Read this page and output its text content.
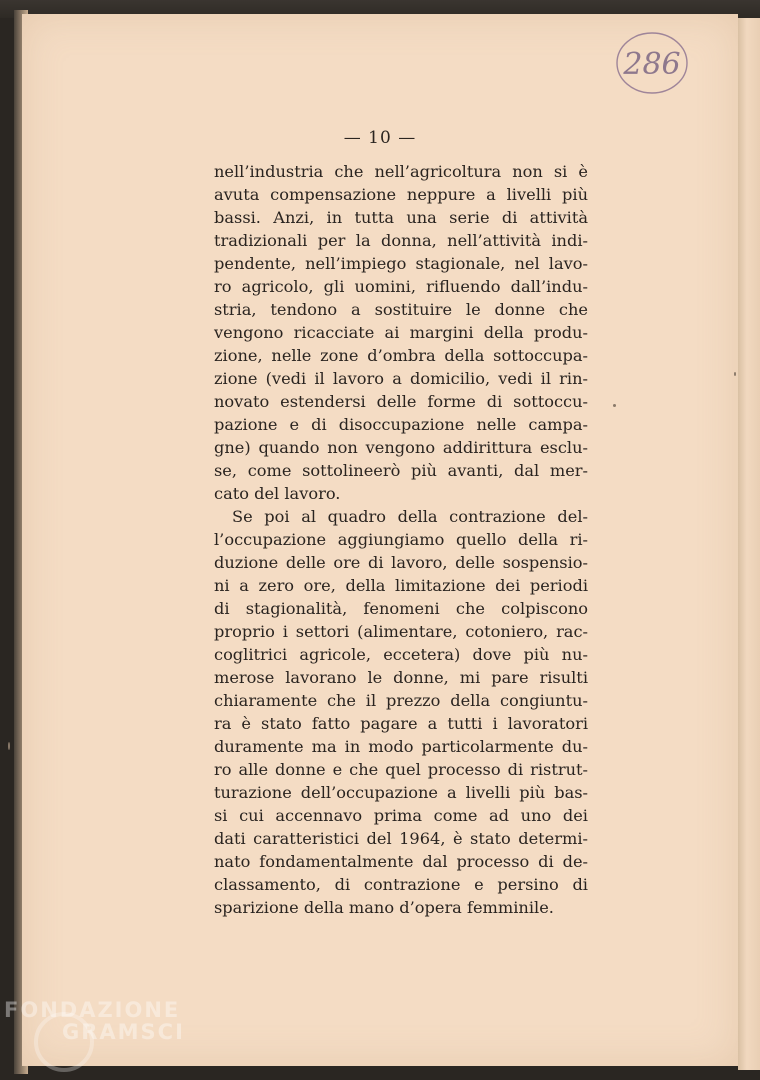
286
— 10 —
nell’industria che nell’agricoltura non si è
avuta compensazione neppure a livelli più
bassi. Anzi, in tutta una serie di attività
tradizionali per la donna, nell’attività indi-
pendente, nell’impiego stagionale, nel lavo-
ro agricolo, gli uomini, rifluendo dall’indu-
stria, tendono a sostituire le donne che
vengono ricacciate ai margini della produ-
zione, nelle zone d’ombra della sottoccupa-
zione (vedi il lavoro a domicilio, vedi il rin-
novato estendersi delle forme di sottoccu-
pazione e di disoccupazione nelle campa-
gne) quando non vengono addirittura esclu-
se, come sottolineerò più avanti, dal mer-
cato del lavoro.
Se poi al quadro della contrazione del-
l’occupazione aggiungiamo quello della ri-
duzione delle ore di lavoro, delle sospensio-
ni a zero ore, della limitazione dei periodi
di stagionalità, fenomeni che colpiscono
proprio i settori (alimentare, cotoniero, rac-
coglitrici agricole, eccetera) dove più nu-
merose lavorano le donne, mi pare risulti
chiaramente che il prezzo della congiuntu-
ra è stato fatto pagare a tutti i lavoratori
duramente ma in modo particolarmente du-
ro alle donne e che quel processo di ristrut-
turazione dell’occupazione a livelli più bas-
si cui accennavo prima come ad uno dei
dati caratteristici del 1964, è stato determi-
nato fondamentalmente dal processo di de-
classamento, di contrazione e persino di
sparizione della mano d’opera femminile.
FONDAZIONE
GRAMSCI
